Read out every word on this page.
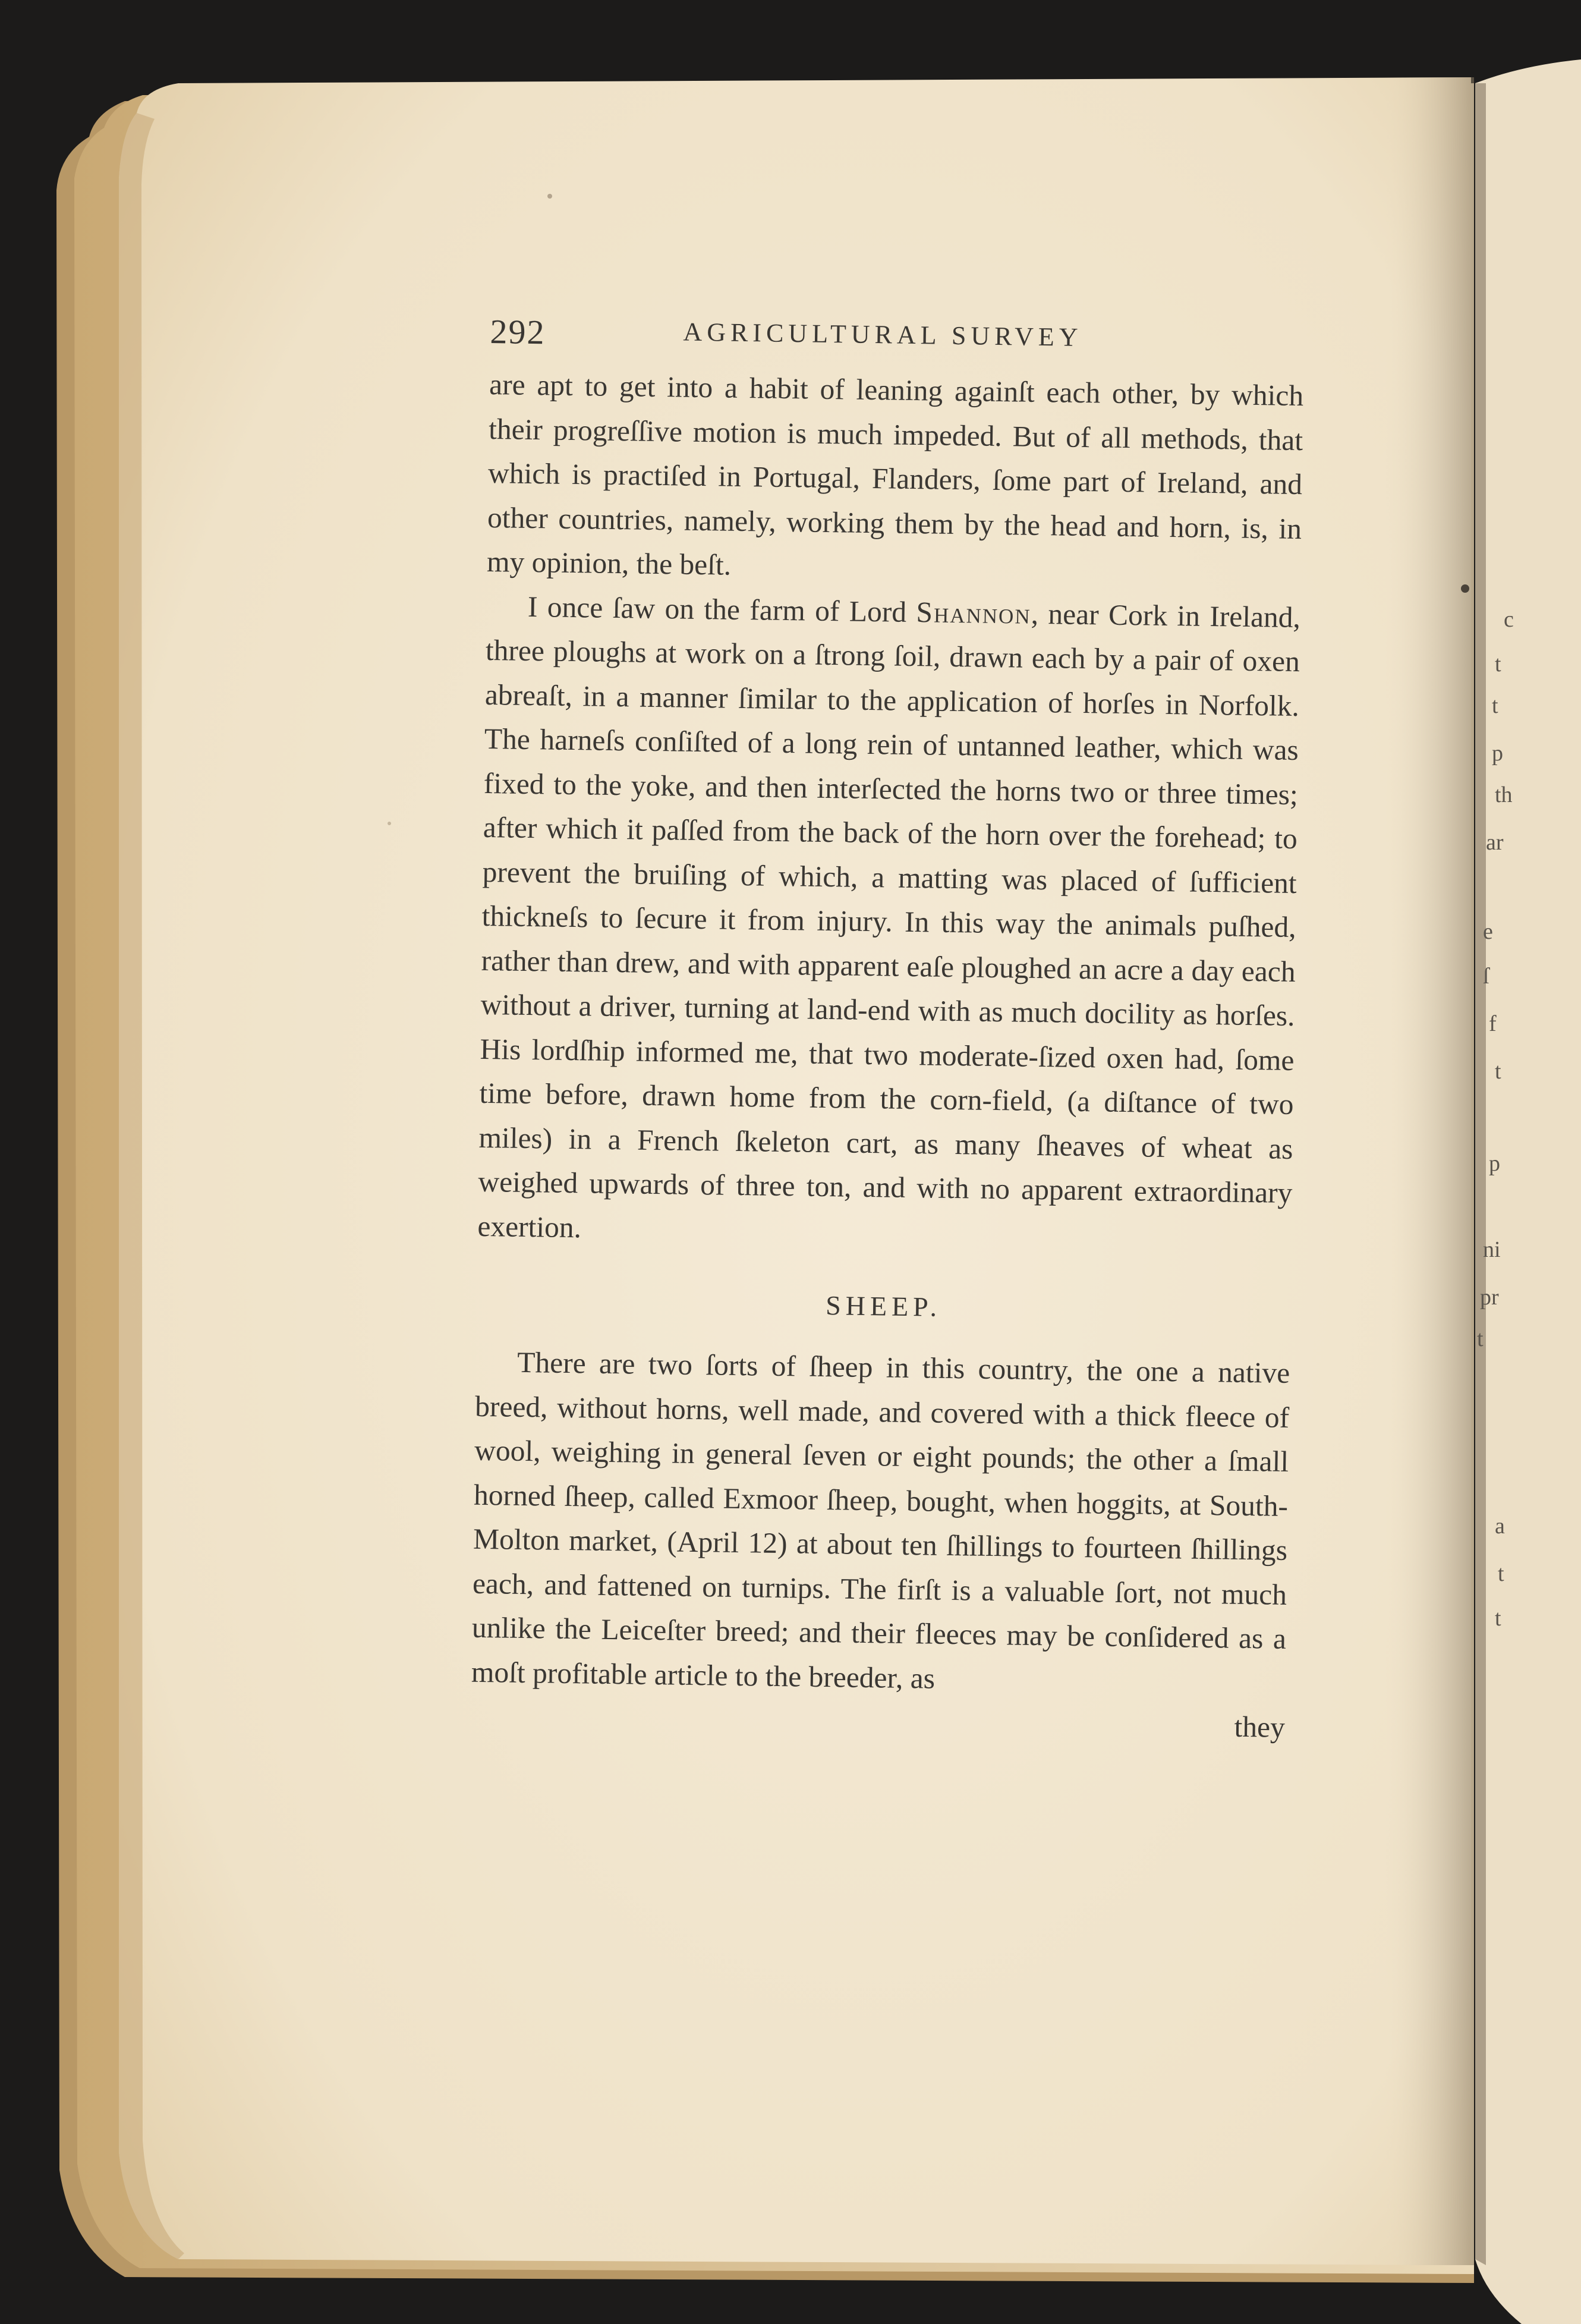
292	AGRICULTURAL SURVEY

are apt to get into a habit of leaning againſt each other, by which their progreſſive motion is much impeded. But of all methods, that which is practiſed in Portugal, Flanders, ſome part of Ireland, and other countries, namely, working them by the head and horn, is, in my opinion, the beſt.

I once ſaw on the farm of Lord Shannon, near Cork in Ireland, three ploughs at work on a ſtrong ſoil, drawn each by a pair of oxen abreaſt, in a manner ſimilar to the application of horſes in Norfolk. The harneſs conſiſted of a long rein of untanned leather, which was fixed to the yoke, and then interſected the horns two or three times; after which it paſſed from the back of the horn over the forehead; to prevent the bruiſing of which, a matting was placed of ſufficient thickneſs to ſecure it from injury. In this way the animals puſhed, rather than drew, and with apparent eaſe ploughed an acre a day each without a driver, turning at land-end with as much docility as horſes. His lordſhip informed me, that two moderate-ſized oxen had, ſome time before, drawn home from the corn-field, (a diſtance of two miles) in a French ſkeleton cart, as many ſheaves of wheat as weighed upwards of three ton, and with no apparent extraordinary exertion.

SHEEP.

There are two ſorts of ſheep in this country, the one a native breed, without horns, well made, and covered with a thick fleece of wool, weighing in general ſeven or eight pounds; the other a ſmall horned ſheep, called Exmoor ſheep, bought, when hoggits, at South-Molton market, (April 12) at about ten ſhillings to fourteen ſhillings each, and fattened on turnips. The firſt is a valuable ſort, not much unlike the Leiceſter breed; and their fleeces may be conſidered as a moſt profitable article to the breeder, as

they
c
t
t
p
th
ar
e
ſ
f
t
p
ni
pr
t
a
t
t
